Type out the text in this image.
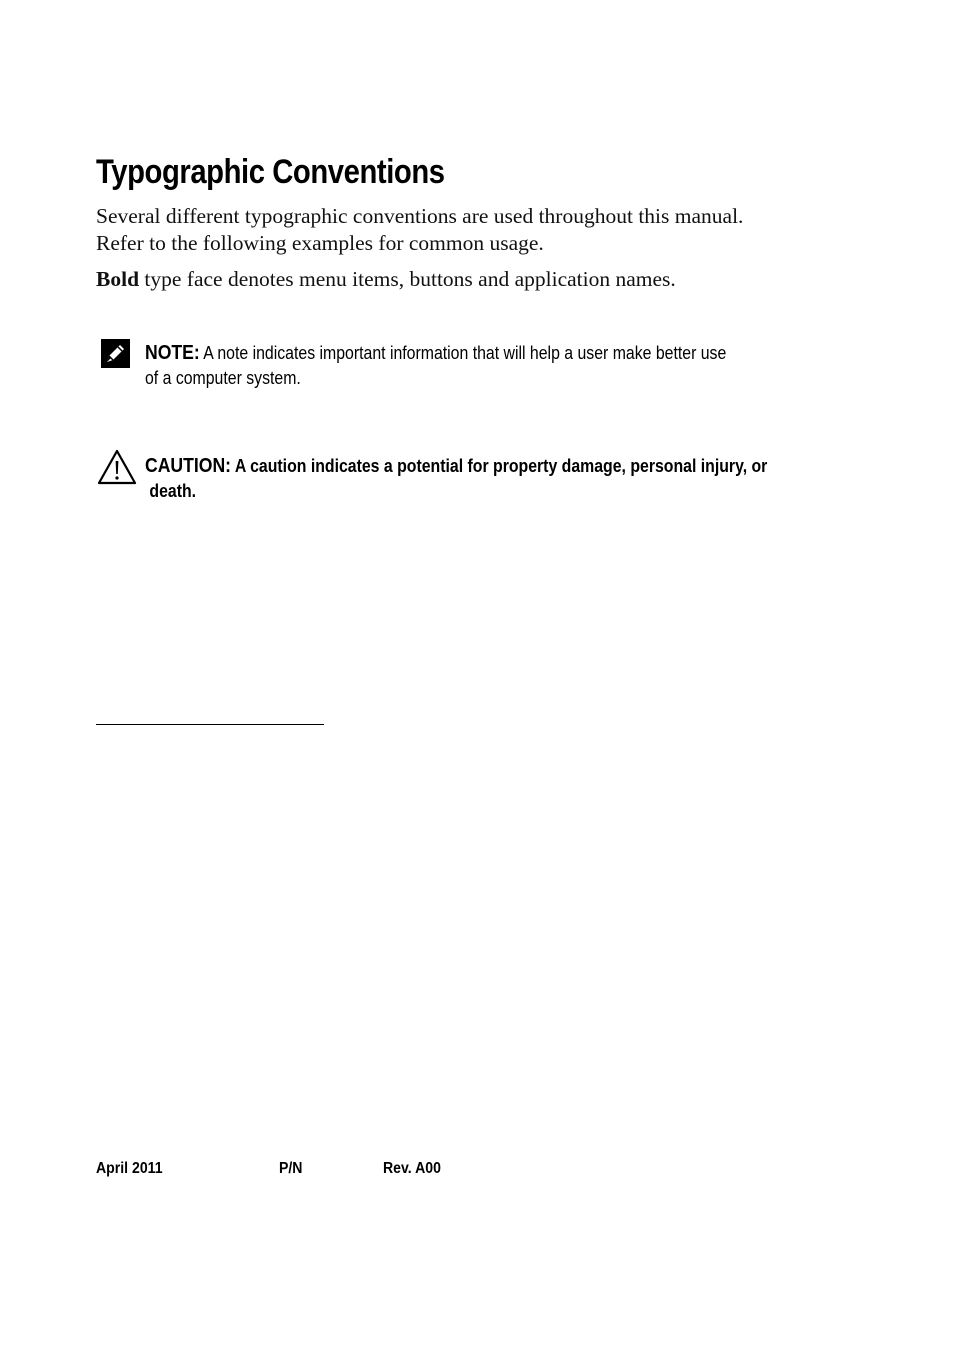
Typographic Conventions

Several different typographic conventions are used throughout this manual.
Refer to the following examples for common usage.

Bold type face denotes menu items, buttons and application names.

NOTE: A note indicates important information that will help a user make better use
of a computer system.
CAUTION: A caution indicates a potential for property damage, personal injury, or
death.
April 2011	P/N	Rev. A00
